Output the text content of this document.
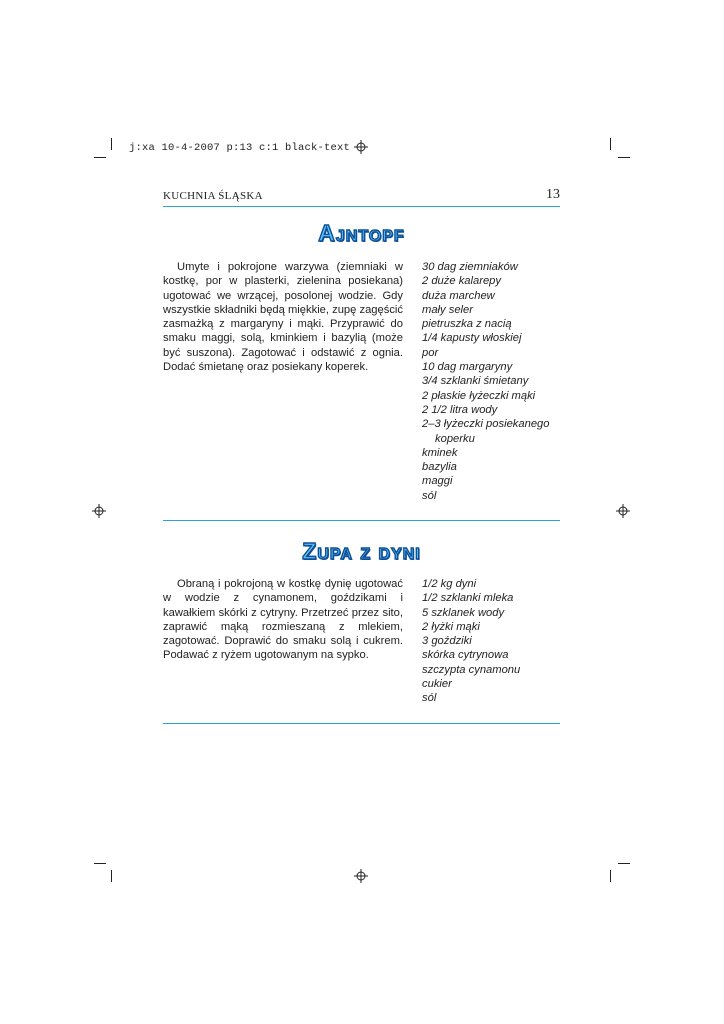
j:xa 10-4-2007 p:13 c:1 black-text
KUCHNIA ŚLĄSKA	13
Ajntopf

Umyte i pokrojone warzywa (ziemniaki w kostkę, por w plasterki, zielenina posiekana) ugotować we wrzącej, posolonej wodzie. Gdy wszystkie składniki będą miękkie, zupę zagęścić zasmażką z margaryny i mąki. Przyprawić do smaku maggi, solą, kminkiem i bazylią (może być suszona). Zagotować i odstawić z ognia. Dodać śmietanę oraz posiekany koperek.

30 dag ziemniaków
2 duże kalarepy
duża marchew
mały seler
pietruszka z nacią
1/4 kapusty włoskiej
por
10 dag margaryny
3/4 szklanki śmietany
2 płaskie łyżeczki mąki
2 1/2 litra wody
2–3 łyżeczki posiekanego
koperku
kminek
bazylia
maggi
sól
Zupa z dyni

Obraną i pokrojoną w kostkę dynię ugotować w wodzie z cynamonem, goździkami i kawałkiem skórki z cytryny. Przetrzeć przez sito, zaprawić mąką rozmieszaną z mlekiem, zagotować. Doprawić do smaku solą i cukrem. Podawać z ryżem ugotowanym na sypko.

1/2 kg dyni
1/2 szklanki mleka
5 szklanek wody
2 łyżki mąki
3 goździki
skórka cytrynowa
szczypta cynamonu
cukier
sól
